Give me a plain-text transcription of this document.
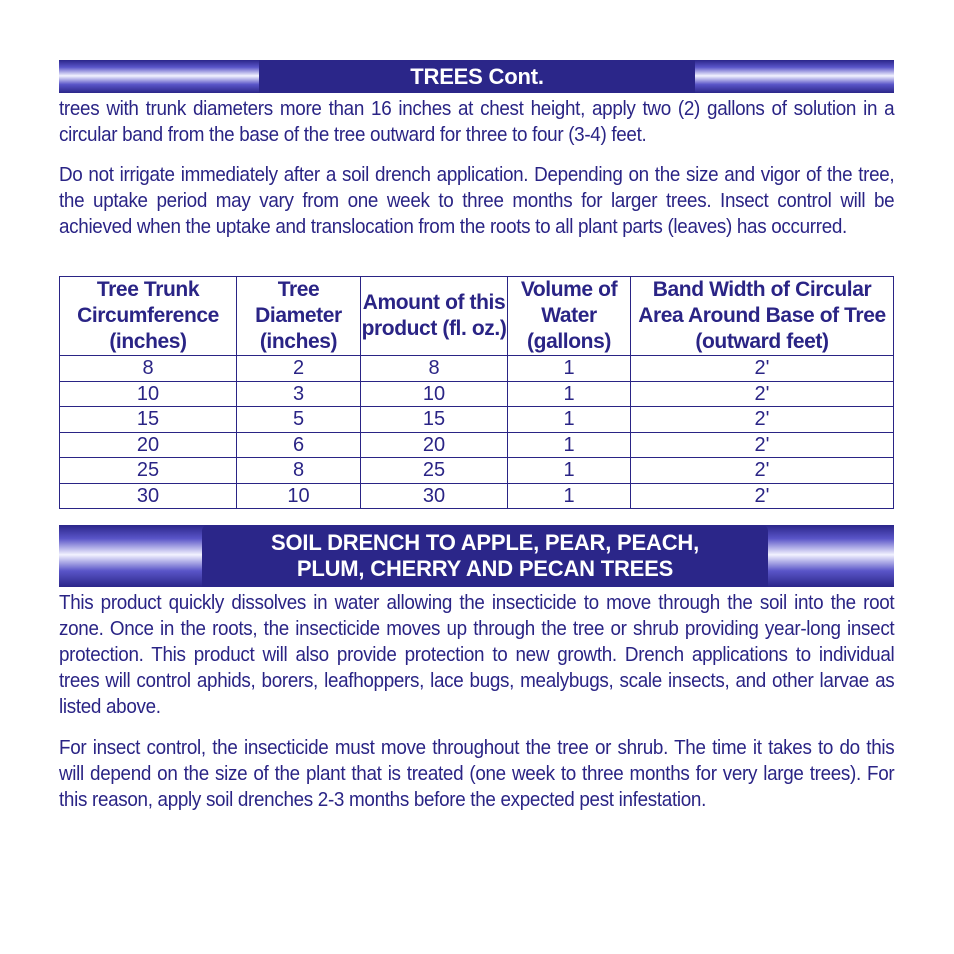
TREES Cont.

trees with trunk diameters more than 16 inches at chest height, apply two (2) gallons of solution in a circular band from the base of the tree outward for three to four (3-4) feet.

Do not irrigate immediately after a soil drench application. Depending on the size and vigor of the tree, the uptake period may vary from one week to three months for larger trees. Insect control will be achieved when the uptake and translocation from the roots to all plant parts (leaves) has occurred.

Tree Trunk Circumference (inches)	Tree Diameter (inches)	Amount of this product (fl. oz.)	Volume of Water (gallons)	Band Width of Circular Area Around Base of Tree (outward feet)
8	2	8	1	2'
10	3	10	1	2'
15	5	15	1	2'
20	6	20	1	2'
25	8	25	1	2'
30	10	30	1	2'
SOIL DRENCH TO APPLE, PEAR, PEACH,
PLUM, CHERRY AND PECAN TREES

This product quickly dissolves in water allowing the insecticide to move through the soil into the root zone. Once in the roots, the insecticide moves up through the tree or shrub providing year-long insect protection. This product will also provide protection to new growth. Drench applications to individual trees will control aphids, borers, leafhoppers, lace bugs, mealybugs, scale insects, and other larvae as listed above.

For insect control, the insecticide must move throughout the tree or shrub. The time it takes to do this will depend on the size of the plant that is treated (one week to three months for very large trees). For this reason, apply soil drenches 2-3 months before the expected pest infestation.
